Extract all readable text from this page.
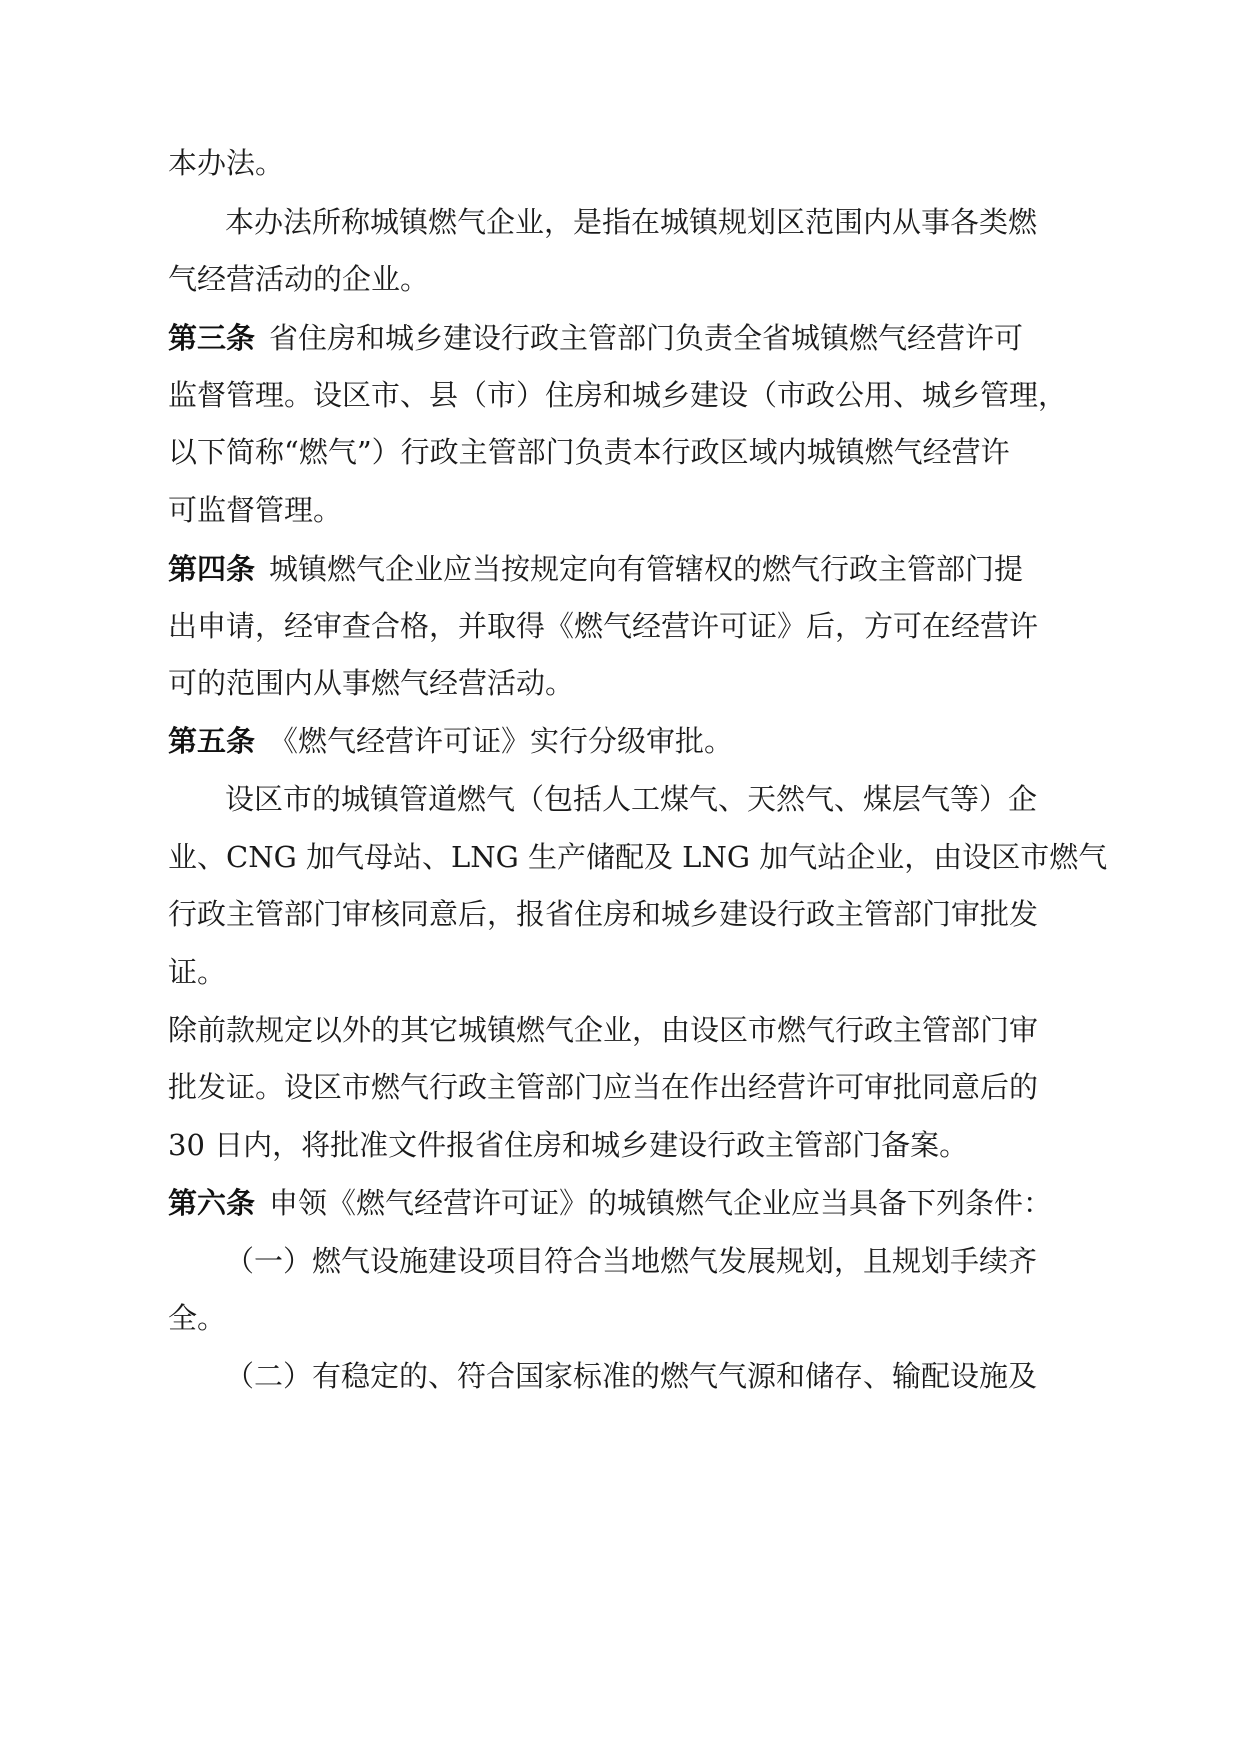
本办法。
本办法所称城镇燃气企业，是指在城镇规划区范围内从事各类燃
气经营活动的企业。
第三条 省住房和城乡建设行政主管部门负责全省城镇燃气经营许可
监督管理。设区市、县（市）住房和城乡建设（市政公用、城乡管理，
以下简称“燃气”）行政主管部门负责本行政区域内城镇燃气经营许
可监督管理。
第四条 城镇燃气企业应当按规定向有管辖权的燃气行政主管部门提
出申请，经审查合格，并取得《燃气经营许可证》后，方可在经营许
可的范围内从事燃气经营活动。
第五条 《燃气经营许可证》实行分级审批。
设区市的城镇管道燃气（包括人工煤气、天然气、煤层气等）企
业、CNG 加气母站、LNG 生产储配及 LNG 加气站企业，由设区市燃气
行政主管部门审核同意后，报省住房和城乡建设行政主管部门审批发
证。
除前款规定以外的其它城镇燃气企业，由设区市燃气行政主管部门审
批发证。设区市燃气行政主管部门应当在作出经营许可审批同意后的
30 日内，将批准文件报省住房和城乡建设行政主管部门备案。
第六条 申领《燃气经营许可证》的城镇燃气企业应当具备下列条件：
（一）燃气设施建设项目符合当地燃气发展规划，且规划手续齐
全。
（二）有稳定的、符合国家标准的燃气气源和储存、输配设施及
